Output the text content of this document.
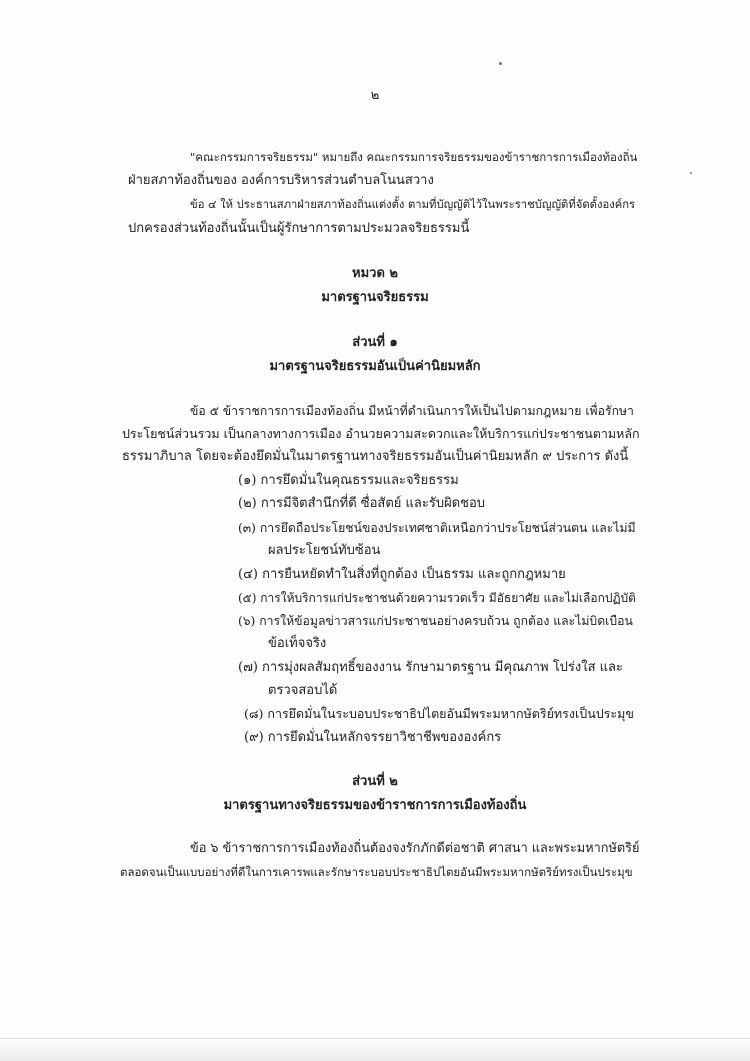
๒
"คณะกรรมการจริยธรรม" หมายถึง คณะกรรมการจริยธรรมของข้าราชการการเมืองท้องถิ่น
ฝ่ายสภาท้องถิ่นของ องค์การบริหารส่วนตำบลโนนสวาง
ข้อ ๔ ให้ ประธานสภาฝ่ายสภาท้องถิ่นแต่งตั้ง ตามที่บัญญัติไว้ในพระราชบัญญัติที่จัดตั้งองค์กร
ปกครองส่วนท้องถิ่นนั้นเป็นผู้รักษาการตามประมวลจริยธรรมนี้
หมวด ๒
มาตรฐานจริยธรรม
ส่วนที่ ๑
มาตรฐานจริยธรรมอันเป็นค่านิยมหลัก
ข้อ ๕ ข้าราชการการเมืองท้องถิ่น มีหน้าที่ดำเนินการให้เป็นไปตามกฎหมาย เพื่อรักษา
ประโยชน์ส่วนรวม เป็นกลางทางการเมือง อำนวยความสะดวกและให้บริการแก่ประชาชนตามหลัก
ธรรมาภิบาล โดยจะต้องยึดมั่นในมาตรฐานทางจริยธรรมอันเป็นค่านิยมหลัก ๙ ประการ ดังนี้
(๑) การยึดมั่นในคุณธรรมและจริยธรรม
(๒) การมีจิตสำนึกที่ดี ซื่อสัตย์ และรับผิดชอบ
(๓) การยึดถือประโยชน์ของประเทศชาติเหนือกว่าประโยชน์ส่วนตน และไม่มี
ผลประโยชน์ทับซ้อน
(๔) การยืนหยัดทำในสิ่งที่ถูกต้อง เป็นธรรม และถูกกฎหมาย
(๕) การให้บริการแก่ประชาชนด้วยความรวดเร็ว มีอัธยาศัย และไม่เลือกปฏิบัติ
(๖) การให้ข้อมูลข่าวสารแก่ประชาชนอย่างครบถ้วน ถูกต้อง และไม่บิดเบือน
ข้อเท็จจริง
(๗) การมุ่งผลสัมฤทธิ์ของงาน รักษามาตรฐาน มีคุณภาพ โปร่งใส และ
ตรวจสอบได้
(๘) การยึดมั่นในระบอบประชาธิปไตยอันมีพระมหากษัตริย์ทรงเป็นประมุข
(๙) การยึดมั่นในหลักจรรยาวิชาชีพขององค์กร
ส่วนที่ ๒
มาตรฐานทางจริยธรรมของข้าราชการการเมืองท้องถิ่น
ข้อ ๖ ข้าราชการการเมืองท้องถิ่นต้องจงรักภักดีต่อชาติ ศาสนา และพระมหากษัตริย์
ตลอดจนเป็นแบบอย่างที่ดีในการเคารพและรักษาระบอบประชาธิปไตยอันมีพระมหากษัตริย์ทรงเป็นประมุข
